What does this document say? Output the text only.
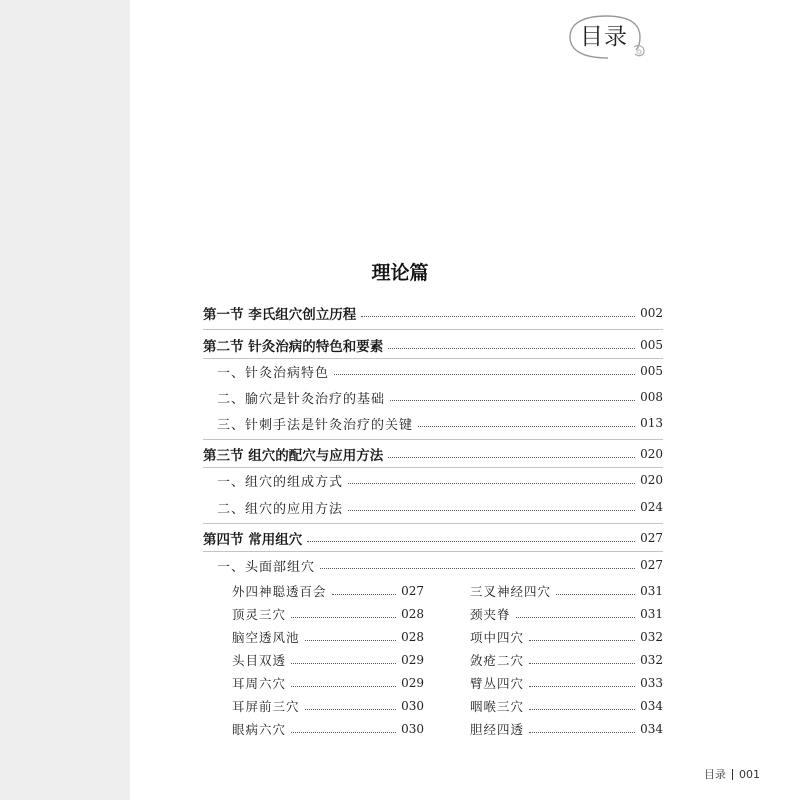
目录
理论篇
第一节 李氏组穴创立历程	002
第二节 针灸治病的特色和要素	005
一、针灸治病特色	005
二、腧穴是针灸治疗的基础	008
三、针刺手法是针灸治疗的关键	013
第三节 组穴的配穴与应用方法	020
一、组穴的组成方式	020
二、组穴的应用方法	024
第四节 常用组穴	027
一、头面部组穴	027
外四神聪透百会	027
顶灵三穴	028
脑空透风池	028
头目双透	029
耳周六穴	029
耳屏前三穴	030
眼病六穴	030
三叉神经四穴	031
颈夹脊	031
项中四穴	032
敛疮二穴	032
臂丛四穴	033
咽喉三穴	034
胆经四透	034
目录 001
